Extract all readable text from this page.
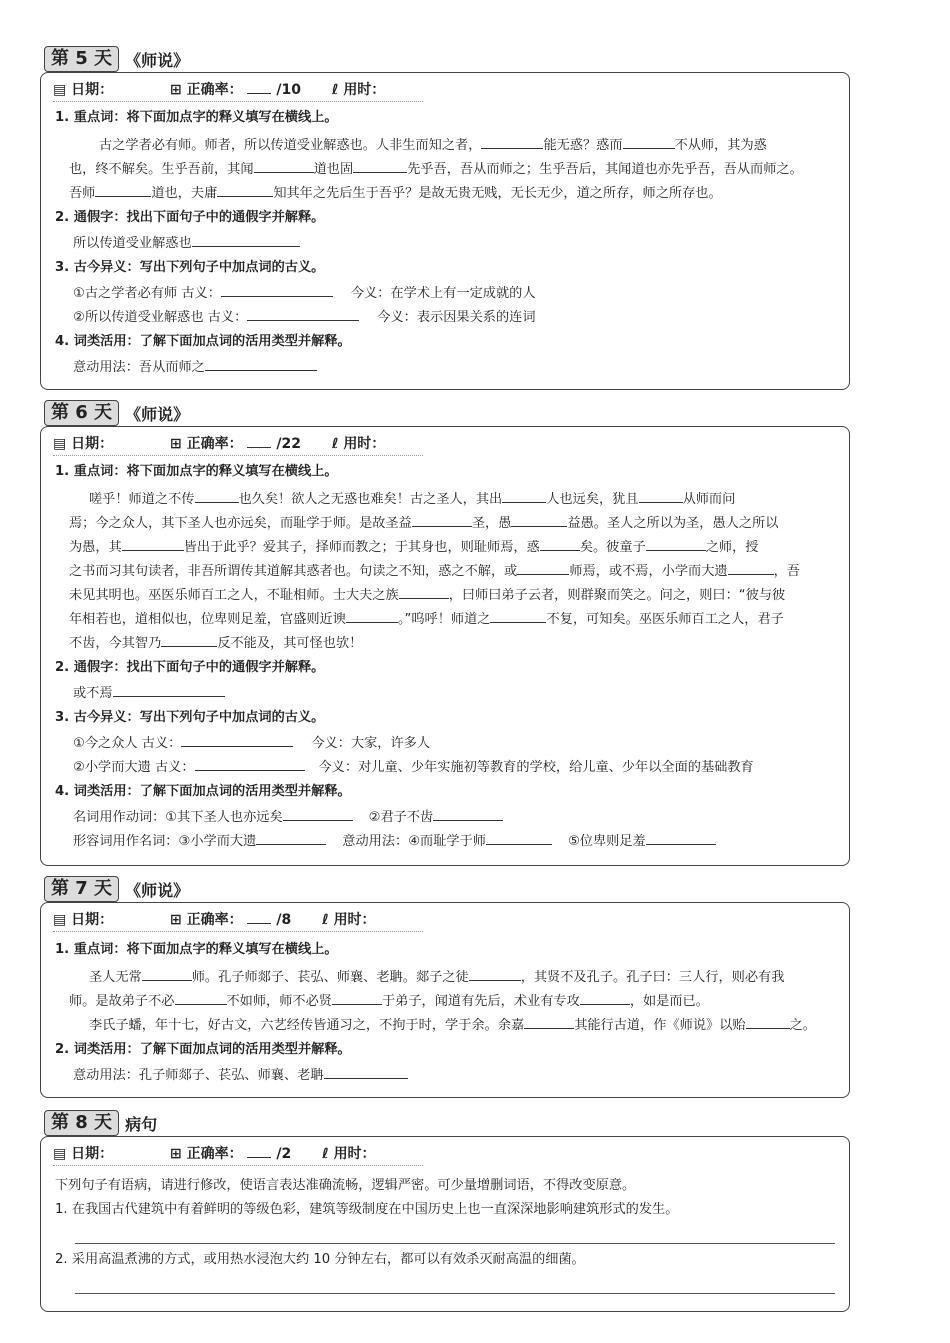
第 5 天 《师说》
▤ 日期：	⊞ 正确率： /10 ℓ 用时：
1. 重点词：将下面加点字的释义填写在横线上。
古之学者必有师。师者，所以传道受业解惑也。人非生而知之者，	能无惑？惑而	不从师，其为惑
也，终不解矣。生乎吾前，其闻	道也固	先乎吾，吾从而师之；生乎吾后，其闻道也亦先乎吾，吾从而师之。
吾师	道也，夫庸	知其年之先后生于吾乎？是故无贵无贱，无长无少，道之所存，师之所存也。
2. 通假字：找出下面句子中的通假字并解释。
所以传道受业解惑也
3. 古今异义：写出下列句子中加点词的古义。
①古之学者必有师 古义：	今义：在学术上有一定成就的人
②所以传道受业解惑也 古义：	今义：表示因果关系的连词
4. 词类活用：了解下面加点词的活用类型并解释。
意动用法：吾从而师之
第 6 天 《师说》
▤ 日期：	⊞ 正确率： /22 ℓ 用时：
1. 重点词：将下面加点字的释义填写在横线上。
嗟乎！师道之不传	也久矣！欲人之无惑也难矣！古之圣人，其出	人也远矣，犹且	从师而问
焉；今之众人，其下圣人也亦远矣，而耻学于师。是故圣益	圣，愚	益愚。圣人之所以为圣，愚人之所以
为愚，其	皆出于此乎？爱其子，择师而教之；于其身也，则耻师焉，惑	矣。彼童子	之师，授
之书而习其句读者，非吾所谓传其道解其惑者也。句读之不知，惑之不解，或	师焉，或不焉，小学而大遗	，吾
未见其明也。巫医乐师百工之人，不耻相师。士大夫之族	，曰师曰弟子云者，则群聚而笑之。问之，则曰：“彼与彼
年相若也，道相似也，位卑则足羞，官盛则近谀	。”呜呼！师道之	不复，可知矣。巫医乐师百工之人，君子
不齿，今其智乃	反不能及，其可怪也欤！
2. 通假字：找出下面句子中的通假字并解释。
或不焉
3. 古今异义：写出下列句子中加点词的古义。
①今之众人 古义：	今义：大家，许多人
②小学而大遗 古义：	今义：对儿童、少年实施初等教育的学校，给儿童、少年以全面的基础教育
4. 词类活用：了解下面加点词的活用类型并解释。
名词用作动词：①其下圣人也亦远矣	②君子不齿
形容词用作名词：③小学而大遗	意动用法：④而耻学于师	⑤位卑则足羞
第 7 天 《师说》
▤ 日期：	⊞ 正确率： /8 ℓ 用时：
1. 重点词：将下面加点字的释义填写在横线上。
圣人无常	师。孔子师郯子、苌弘、师襄、老聃。郯子之徒	，其贤不及孔子。孔子曰：三人行，则必有我
师。是故弟子不必	不如师，师不必贤	于弟子，闻道有先后，术业有专攻	，如是而已。
李氏子蟠，年十七，好古文，六艺经传皆通习之，不拘于时，学于余。余嘉	其能行古道，作《师说》以贻	之。
2. 词类活用：了解下面加点词的活用类型并解释。
意动用法：孔子师郯子、苌弘、师襄、老聃
第 8 天 病句
▤ 日期：	⊞ 正确率： /2 ℓ 用时：
下列句子有语病，请进行修改，使语言表达准确流畅，逻辑严密。可少量增删词语，不得改变原意。
1. 在我国古代建筑中有着鲜明的等级色彩，建筑等级制度在中国历史上也一直深深地影响建筑形式的发生。
2. 采用高温煮沸的方式，或用热水浸泡大约 10 分钟左右，都可以有效杀灭耐高温的细菌。
